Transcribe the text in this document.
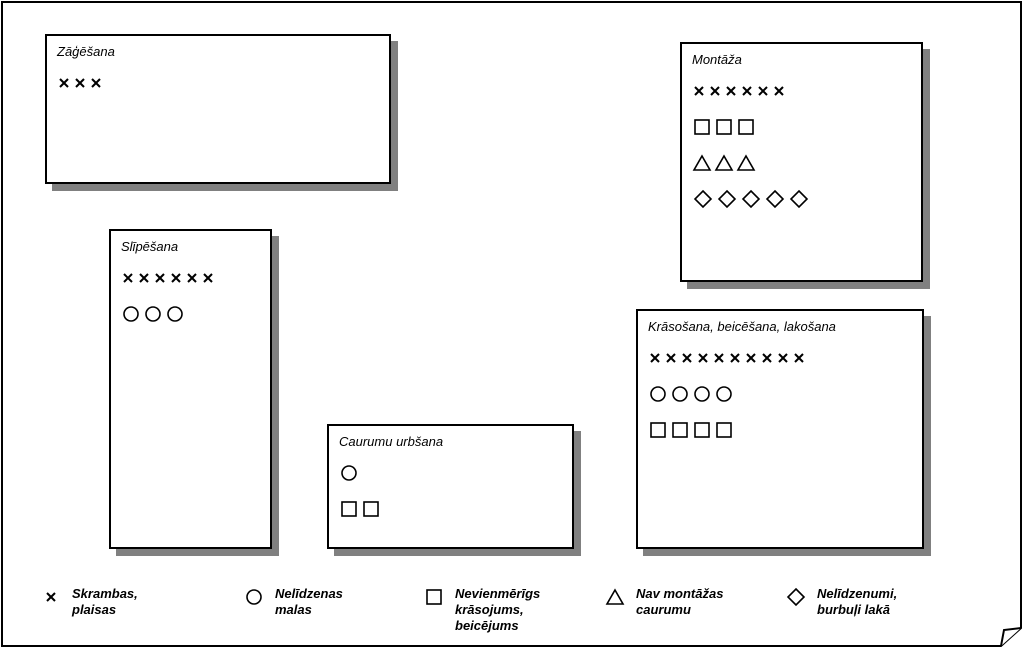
Zāģēšana
Montāža
Slīpēšana
Caurumu urbšana
Krāsošana, beicēšana, lakošana
Skrambas,
plaisas
Nelīdzenas
malas
Nevienmērīgs
krāsojums,
beicējums
Nav montāžas
caurumu
Nelīdzenumi,
burbuļi lakā
